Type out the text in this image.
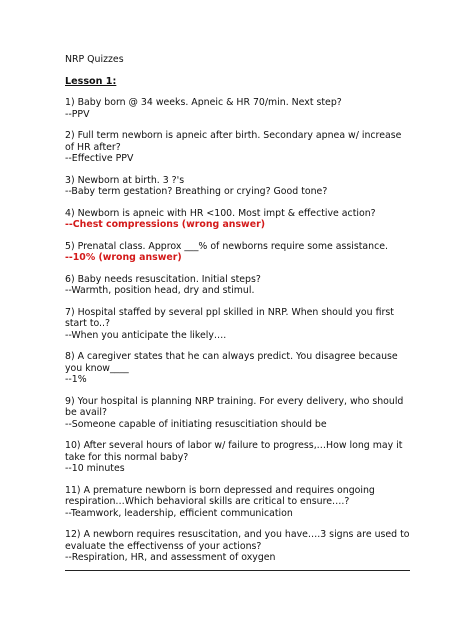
NRP Quizzes
Lesson 1:
1) Baby born @ 34 weeks. Apneic & HR 70/min. Next step?
--PPV
2) Full term newborn is apneic after birth. Secondary apnea w/ increase of HR after?
--Effective PPV
3) Newborn at birth. 3 ?'s
--Baby term gestation? Breathing or crying? Good tone?
4) Newborn is apneic with HR <100. Most impt & effective action?
--Chest compressions (wrong answer)
5) Prenatal class. Approx ___% of newborns require some assistance.
--10% (wrong answer)
6) Baby needs resuscitation. Initial steps?
--Warmth, position head, dry and stimul.
7) Hospital staffed by several ppl skilled in NRP. When should you first start to..?
--When you anticipate the likely….
8) A caregiver states that he can always predict. You disagree because you know____
--1%
9) Your hospital is planning NRP training. For every delivery, who should be avail?
--Someone capable of initiating resuscitiation should be
10) After several hours of labor w/ failure to progress,…How long may it take for this normal baby?
--10 minutes
11) A premature newborn is born depressed and requires ongoing respiration…Which behavioral skills are critical to ensure….?
--Teamwork, leadership, efficient communication
12) A newborn requires resuscitation, and you have….3 signs are used to evaluate the effectivenss of your actions?
--Respiration, HR, and assessment of oxygen
